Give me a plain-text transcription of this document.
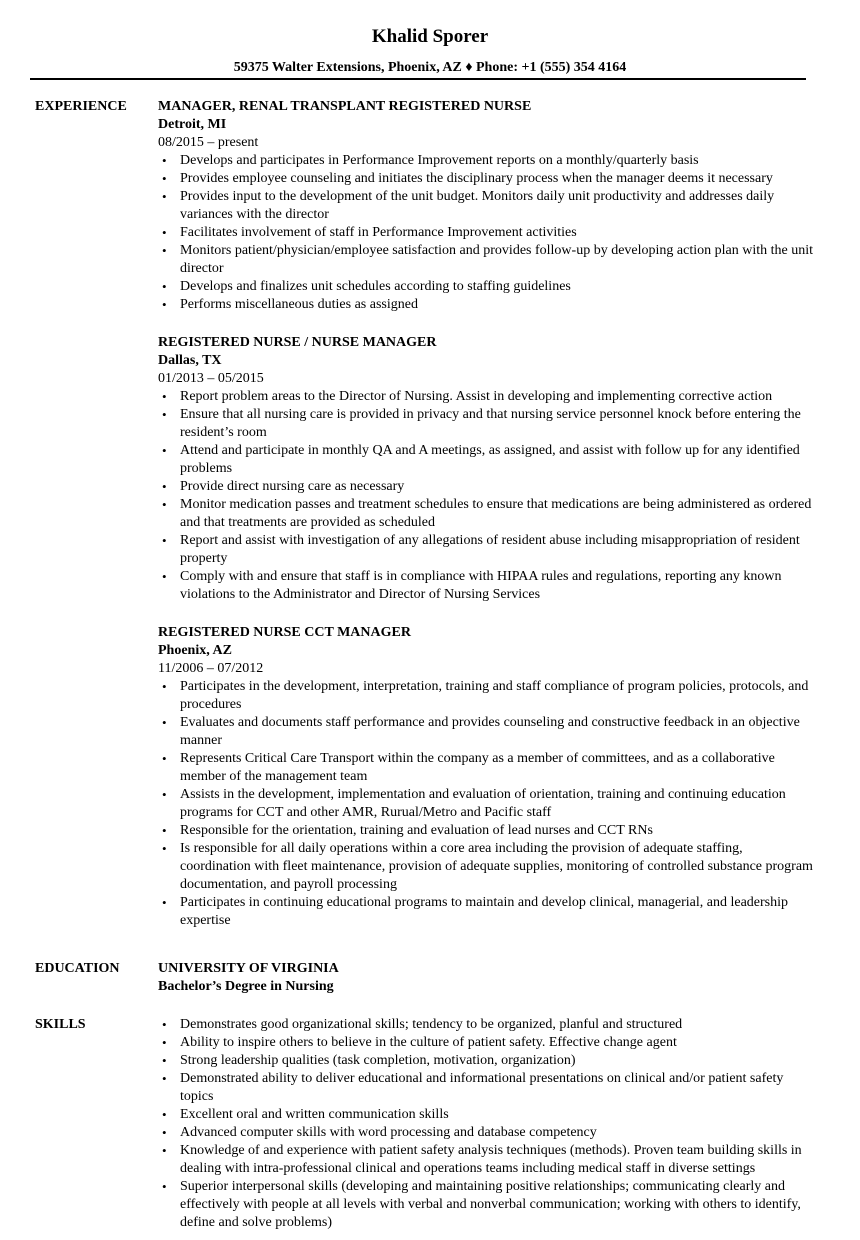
Khalid Sporer
59375 Walter Extensions, Phoenix, AZ ♦ Phone: +1 (555) 354 4164
EXPERIENCE MANAGER, RENAL TRANSPLANT REGISTERED NURSE
Detroit, MI
08/2015 – present
• Develops and participates in Performance Improvement reports on a monthly/quarterly basis
• Provides employee counseling and initiates the disciplinary process when the manager deems it necessary
• Provides input to the development of the unit budget. Monitors daily unit productivity and addresses daily variances with the director
• Facilitates involvement of staff in Performance Improvement activities
• Monitors patient/physician/employee satisfaction and provides follow-up by developing action plan with the unit director
• Develops and finalizes unit schedules according to staffing guidelines
• Performs miscellaneous duties as assigned
REGISTERED NURSE / NURSE MANAGER
Dallas, TX
01/2013 – 05/2015
• Report problem areas to the Director of Nursing. Assist in developing and implementing corrective action
• Ensure that all nursing care is provided in privacy and that nursing service personnel knock before entering the resident’s room
• Attend and participate in monthly QA and A meetings, as assigned, and assist with follow up for any identified problems
• Provide direct nursing care as necessary
• Monitor medication passes and treatment schedules to ensure that medications are being administered as ordered and that treatments are provided as scheduled
• Report and assist with investigation of any allegations of resident abuse including misappropriation of resident property
• Comply with and ensure that staff is in compliance with HIPAA rules and regulations, reporting any known violations to the Administrator and Director of Nursing Services
REGISTERED NURSE CCT MANAGER
Phoenix, AZ
11/2006 – 07/2012
• Participates in the development, interpretation, training and staff compliance of program policies, protocols, and procedures
• Evaluates and documents staff performance and provides counseling and constructive feedback in an objective manner
• Represents Critical Care Transport within the company as a member of committees, and as a collaborative member of the management team
• Assists in the development, implementation and evaluation of orientation, training and continuing education programs for CCT and other AMR, Rurual/Metro and Pacific staff
• Responsible for the orientation, training and evaluation of lead nurses and CCT RNs
• Is responsible for all daily operations within a core area including the provision of adequate staffing, coordination with fleet maintenance, provision of adequate supplies, monitoring of controlled substance program documentation, and payroll processing
• Participates in continuing educational programs to maintain and develop clinical, managerial, and leadership expertise
EDUCATION	UNIVERSITY OF VIRGINIA
Bachelor’s Degree in Nursing
SKILLS	• Demonstrates good organizational skills; tendency to be organized, planful and structured
• Ability to inspire others to believe in the culture of patient safety. Effective change agent
• Strong leadership qualities (task completion, motivation, organization)
• Demonstrated ability to deliver educational and informational presentations on clinical and/or patient safety topics
• Excellent oral and written communication skills
• Advanced computer skills with word processing and database competency
• Knowledge of and experience with patient safety analysis techniques (methods). Proven team building skills in dealing with intra-professional clinical and operations teams including medical staff in diverse settings
• Superior interpersonal skills (developing and maintaining positive relationships; communicating clearly and effectively with people at all levels with verbal and nonverbal communication; working with others to identify, define and solve problems)
